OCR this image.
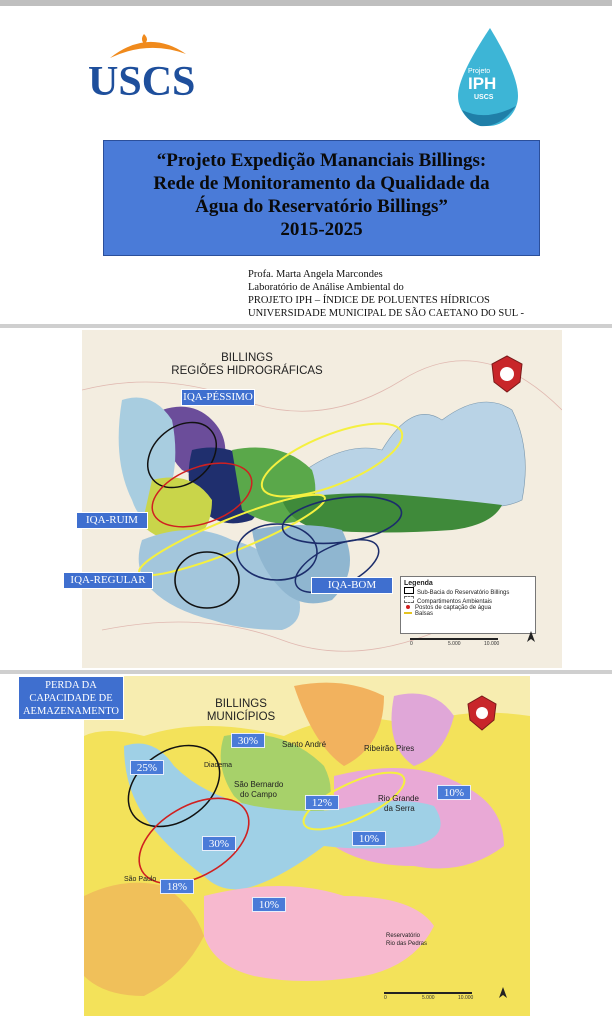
USCS	Projeto
IPH
USCS
“Projeto Expedição Mananciais Billings:
Rede de Monitoramento da Qualidade da
Água do Reservatório Billings”
2015-2025
Profa. Marta Angela Marcondes
Laboratório de Análise Ambiental do
PROJETO IPH – ÍNDICE DE POLUENTES HÍDRICOS
UNIVERSIDADE MUNICIPAL DE SÃO CAETANO DO SUL -
BILLINGS
REGIÕES HIDROGRÁFICAS
Legenda
Sub-Bacia do Reservatório Billings
Compartimentos Ambientais
Postos de captação de água
Balsas
0	5.000	10.000
IQA-PÉSSIMO
IQA-RUIM
IQA-REGULAR	IQA-BOM
BILLINGS
MUNICÍPIOS
Santo André
Diadema
São Bernardo
do Campo
Ribeirão Pires
Rio Grande
da Serra
São Paulo
Reservatório
Rio das Pedras
0	5.000	10.000
PERDA DA
CAPACIDADE DE
AEMAZENAMENTO
25%
30%
12%
10%
30%	10%
18%
10%
